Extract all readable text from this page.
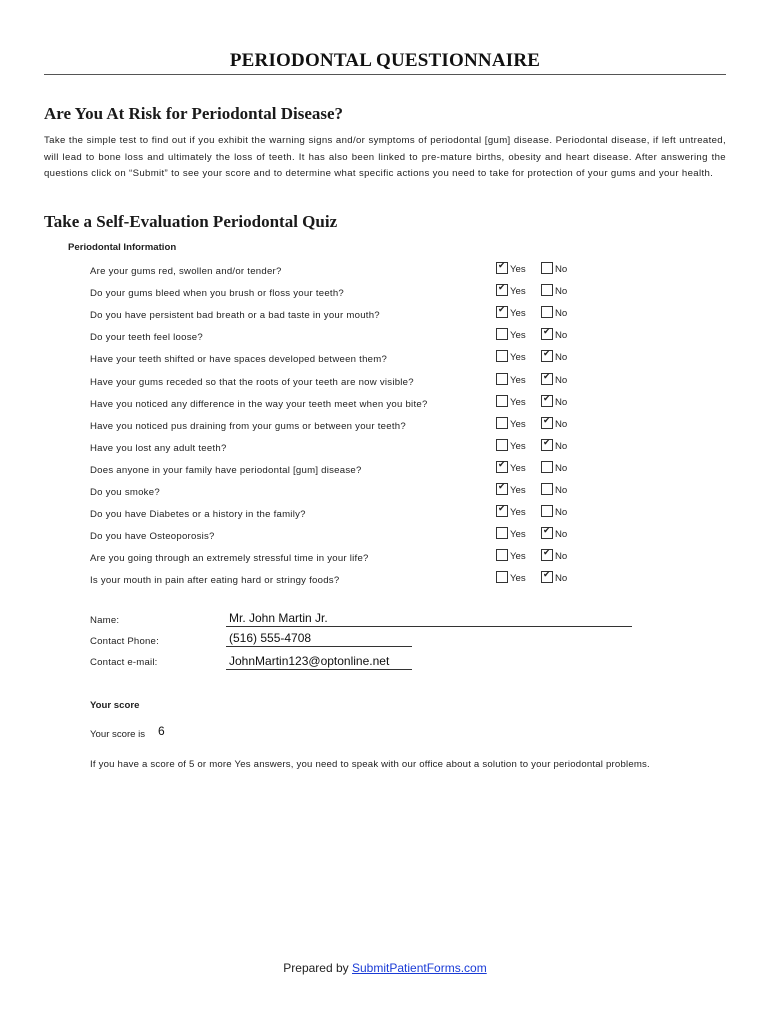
PERIODONTAL QUESTIONNAIRE
Are You At Risk for Periodontal Disease?
Take the simple test to find out if you exhibit the warning signs and/or symptoms of periodontal [gum] disease. Periodontal disease, if left untreated, will lead to bone loss and ultimately the loss of teeth. It has also been linked to pre-mature births, obesity and heart disease. After answering the questions click on “Submit” to see your score and to determine what specific actions you need to take for protection of your gums and your health.
Take a Self-Evaluation Periodontal Quiz
Periodontal Information
Are your gums red, swollen and/or tender? ✔	Yes	No
Do your gums bleed when you brush or floss your teeth? ✔	Yes	No
Do you have persistent bad breath or a bad taste in your mouth? ✔	Yes	No
Do your teeth feel loose?	Yes ✔	No
Have your teeth shifted or have spaces developed between them?	Yes ✔	No
Have your gums receded so that the roots of your teeth are now visible?	Yes ✔	No
Have you noticed any difference in the way your teeth meet when you bite?	Yes ✔	No
Have you noticed pus draining from your gums or between your teeth?	Yes ✔	No
Have you lost any adult teeth?	Yes ✔	No
Does anyone in your family have periodontal [gum] disease? ✔	Yes	No
Do you smoke? ✔	Yes	No
Do you have Diabetes or a history in the family? ✔	Yes	No
Do you have Osteoporosis?	Yes ✔	No
Are you going through an extremely stressful time in your life?	Yes ✔	No
Is your mouth in pain after eating hard or stringy foods?	Yes ✔	No
Name:	Mr. John Martin Jr.
Contact Phone:	(516) 555-4708
Contact e-mail:	JohnMartin123@optonline.net
Your score
Your score is 6
If you have a score of 5 or more Yes answers, you need to speak with our office about a solution to your periodontal problems.
Prepared by SubmitPatientForms.com
